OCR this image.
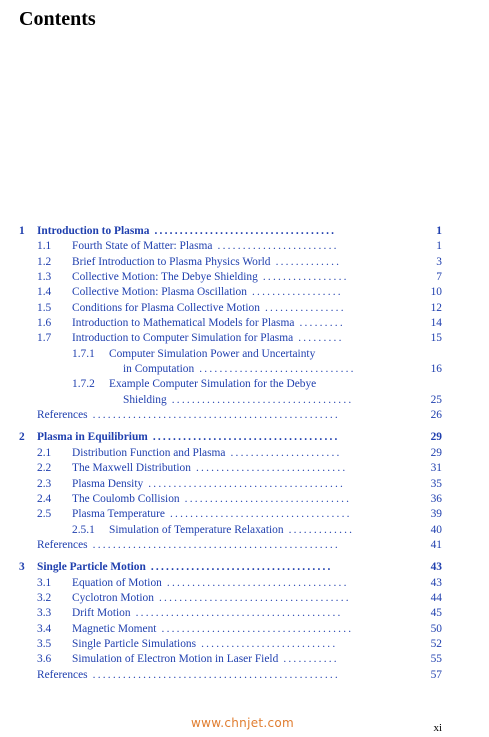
Contents
1 Introduction to Plasma ....................................	1
1.1 Fourth State of Matter: Plasma ........................	1
1.2 Brief Introduction to Plasma Physics World .............	3
1.3 Collective Motion: The Debye Shielding .................	7
1.4 Collective Motion: Plasma Oscillation ..................	10
1.5 Conditions for Plasma Collective Motion ................	12
1.6 Introduction to Mathematical Models for Plasma .........	14
1.7 Introduction to Computer Simulation for Plasma .........	15
1.7.1 Computer Simulation Power and Uncertainty
in Computation ...............................	16
1.7.2 Example Computer Simulation for the Debye
Shielding ....................................	25
References .................................................	26
2 Plasma in Equilibrium .....................................	29
2.1 Distribution Function and Plasma ......................	29
2.2 The Maxwell Distribution ..............................	31
2.3 Plasma Density .......................................	35
2.4 The Coulomb Collision .................................	36
2.5 Plasma Temperature ....................................	39
2.5.1 Simulation of Temperature Relaxation .............	40
References .................................................	41
3 Single Particle Motion ....................................	43
3.1 Equation of Motion ....................................	43
3.2 Cyclotron Motion ......................................	44
3.3 Drift Motion .........................................	45
3.4 Magnetic Moment ......................................	50
3.5 Single Particle Simulations ...........................	52
3.6 Simulation of Electron Motion in Laser Field ...........	55
References .................................................	57
www.chnjet.com	xi
